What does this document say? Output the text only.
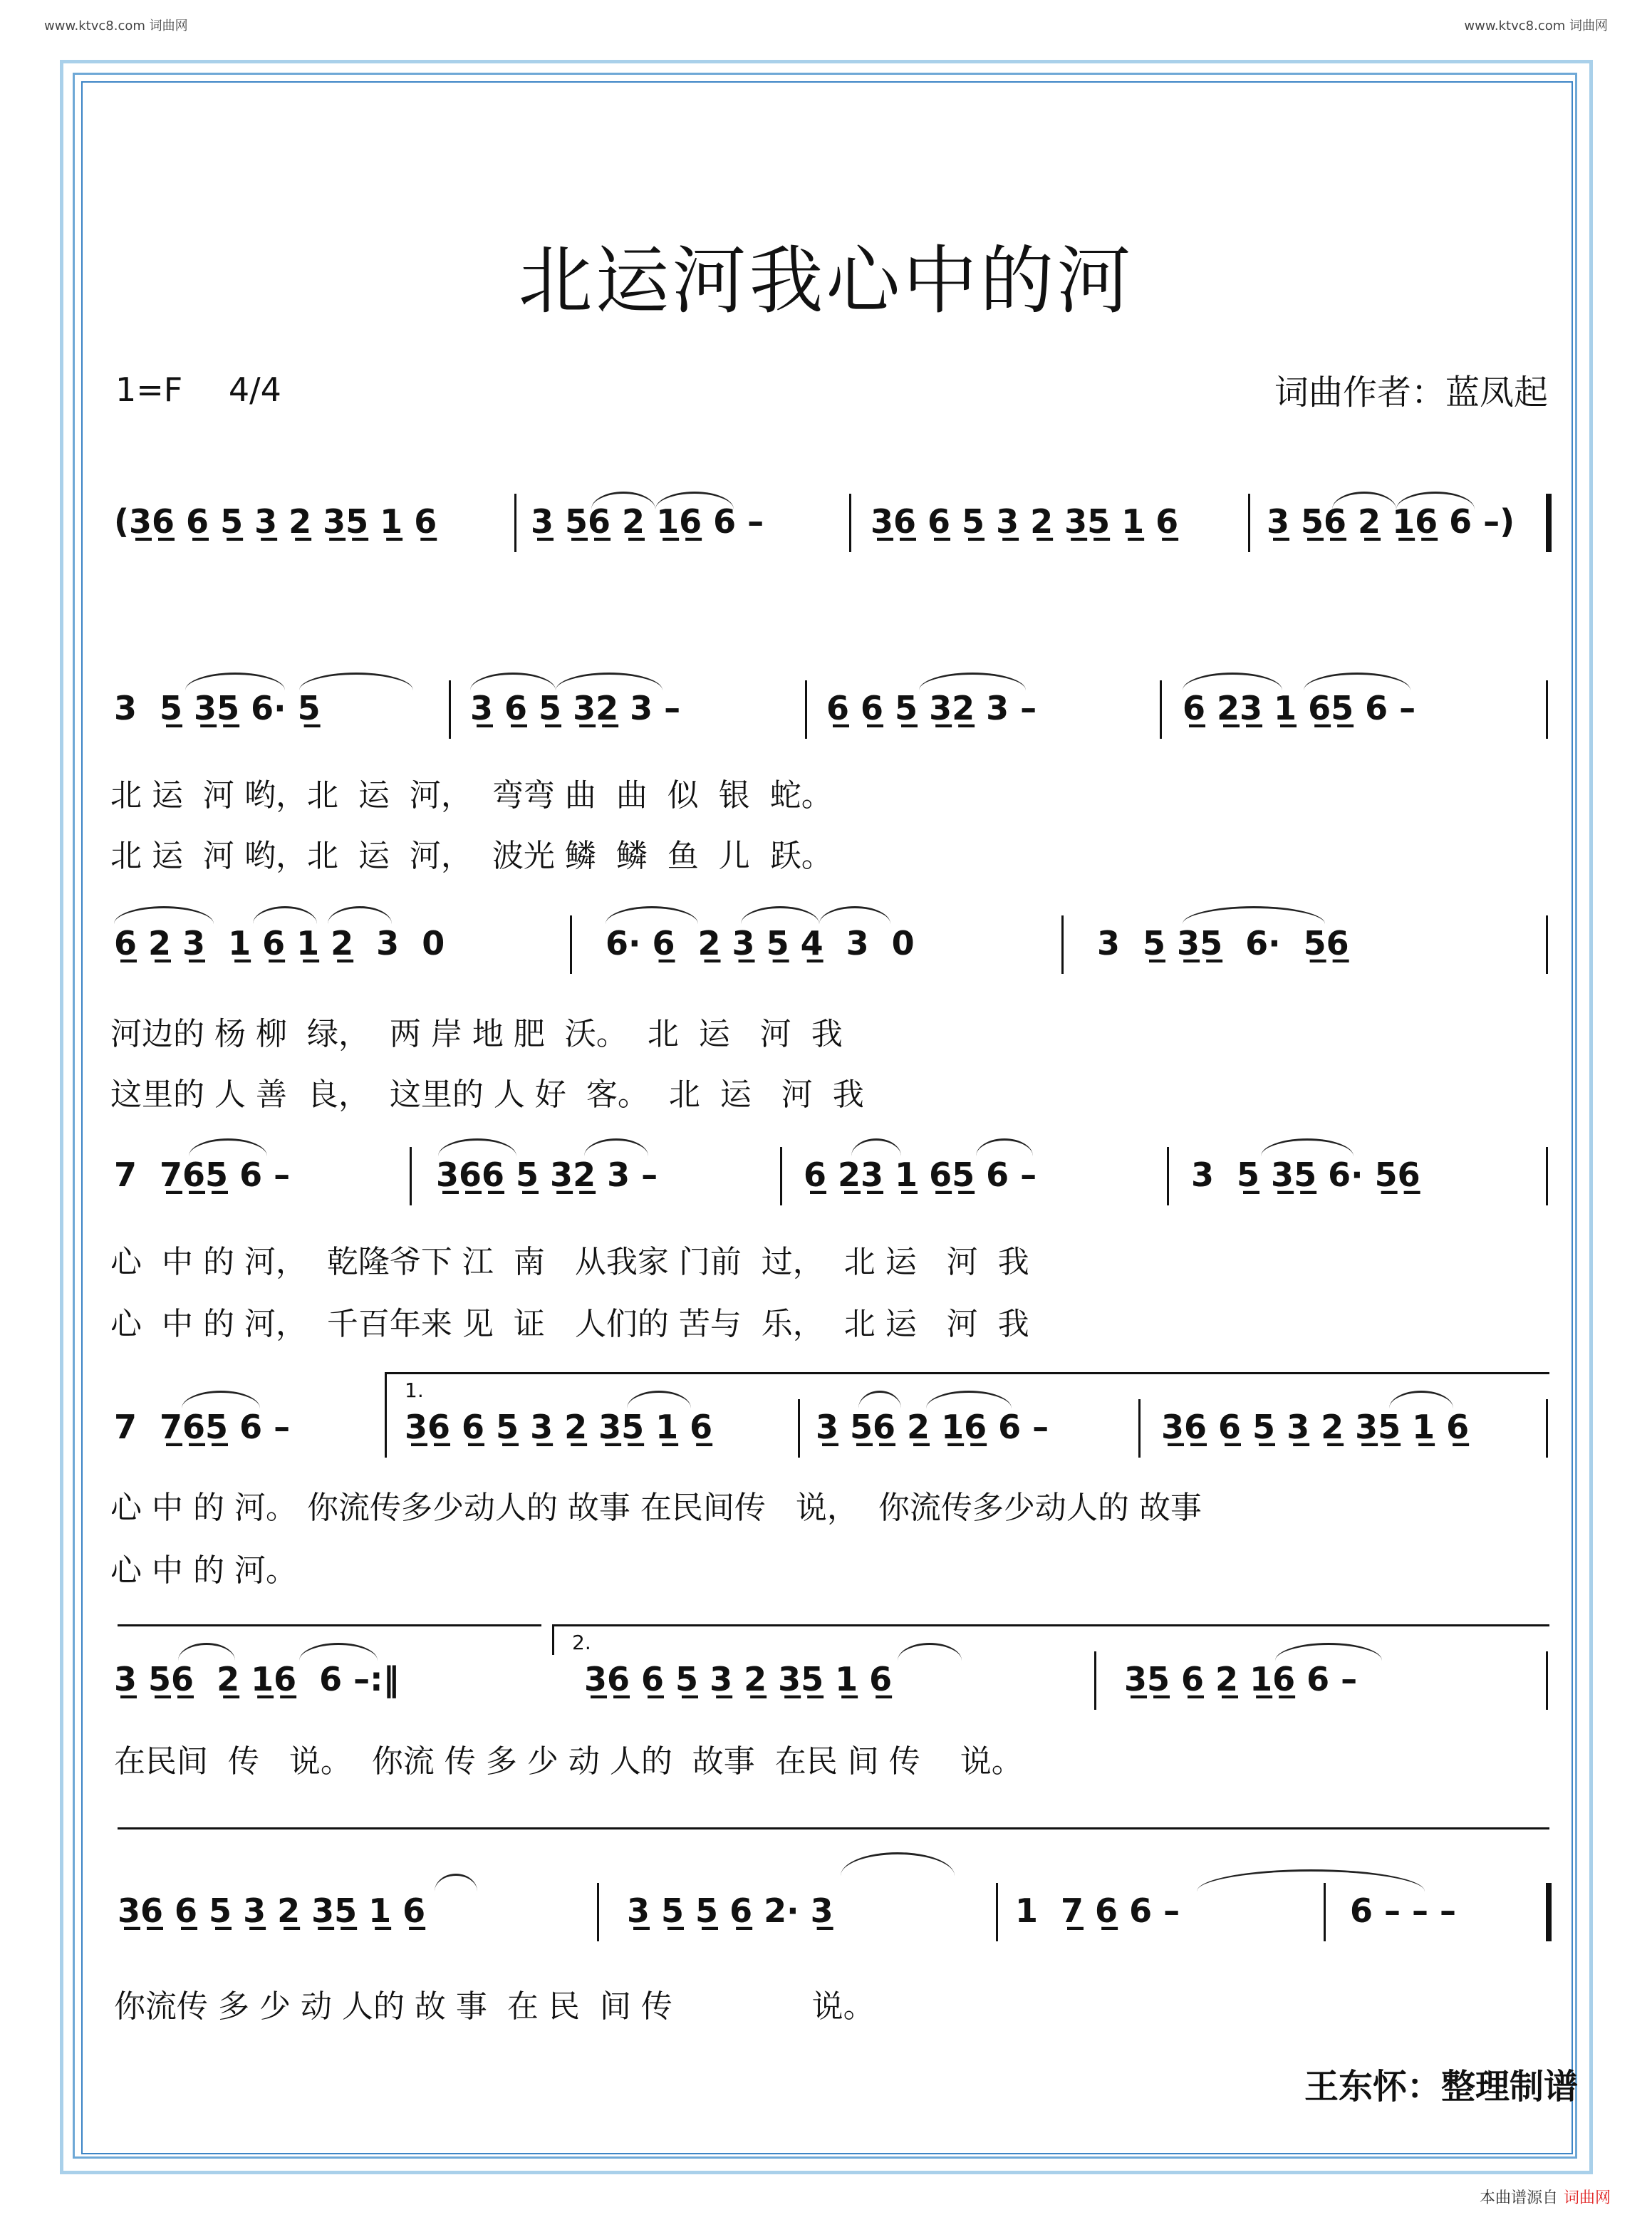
www.ktvc8.com 词曲网	www.ktvc8.com 词曲网
北运河我心中的河
1=F 4/4	词曲作者：蓝凤起
(3̲6̲ 6̲ 5̲ 3̲ 2̲ 3̲5̲ 1̲ 6̲	3̲ 5̲6̲ 2̲ 1̲6̲ 6 –	3̲6̲ 6̲ 5̲ 3̲ 2̲ 3̲5̲ 1̲ 6̲	3̲ 5̲6̲ 2̲ 1̲6̲ 6 –)
3  5̲ 3̲5̲ 6· 5̲	3̲ 6̲ 5̲ 3̲2̲ 3 –	6̲ 6̲ 5̲ 3̲2̲ 3 –	6̲ 2̲3̲ 1̲ 6̲5̲ 6 –
北 运  河 哟，北  运  河，  弯弯 曲  曲  似  银  蛇。
北 运  河 哟，北  运  河，  波光 鳞  鳞  鱼  儿  跃。
6̲ 2̲ 3̲  1̲ 6̲ 1̲ 2̲  3  0	6· 6̲  2̲ 3̲ 5̲ 4̲  3  0	3  5̲ 3̲5̲  6·  5̲6̲
河边的 杨 柳  绿，  两 岸 地 肥  沃。  北  运   河  我
这里的 人 善  良，  这里的 人 好  客。  北  运   河  我
7  7̲6̲5̲ 6 –	3̲6̲6̲ 5̲ 3̲2̲ 3 –	6̲ 2̲3̲ 1̲ 6̲5̲ 6 –	3  5̲ 3̲5̲ 6· 5̲6̲
心  中 的 河，  乾隆爷下 江  南   从我家 门前  过，  北 运   河  我
心  中 的 河，  千百年来 见  证   人们的 苦与  乐，  北 运   河  我
1.
7  7̲6̲5̲ 6 –	3̲6̲ 6̲ 5̲ 3̲ 2̲ 3̲5̲ 1̲ 6̲	3̲ 5̲6̲ 2̲ 1̲6̲ 6 –	3̲6̲ 6̲ 5̲ 3̲ 2̲ 3̲5̲ 1̲ 6̲
心 中 的 河。 你流传多少动人的 故事 在民间传   说，  你流传多少动人的 故事
心 中 的 河。
2.
3̲ 5̲6̲  2̲ 1̲6̲  6 –:‖	3̲6̲ 6̲ 5̲ 3̲ 2̲ 3̲5̲ 1̲ 6̲	3̲5̲ 6̲ 2̲ 1̲6̲ 6 –
在民间  传   说。  你流 传 多 少 动 人的  故事  在民 间 传    说。
3̲6̲ 6̲ 5̲ 3̲ 2̲ 3̲5̲ 1̲ 6̲	3̲ 5̲ 5̲ 6̲ 2· 3̲	1  7̲ 6̲ 6 –	6 – – –
你流传 多 少 动 人的 故 事  在 民  间 传              说。
王东怀：整理制谱
本曲谱源自 词曲网
